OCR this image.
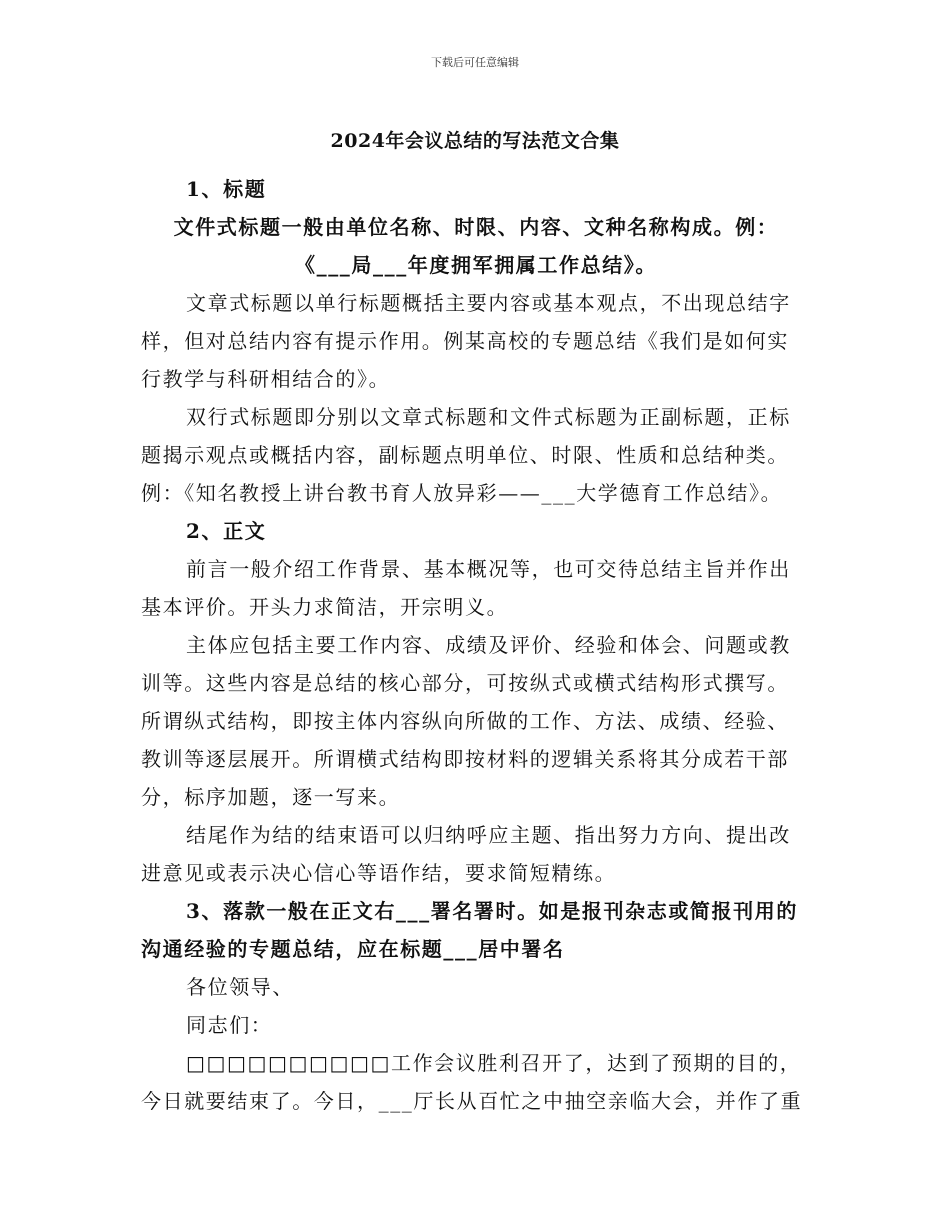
下载后可任意编辑
2024年会议总结的写法范文合集
1、标题
文件式标题一般由单位名称、时限、内容、文种名称构成。例：
《___局___年度拥军拥属工作总结》。
文章式标题以单行标题概括主要内容或基本观点，不出现总结字
样，但对总结内容有提示作用。例某高校的专题总结《我们是如何实
行教学与科研相结合的》。
双行式标题即分别以文章式标题和文件式标题为正副标题，正标
题揭示观点或概括内容，副标题点明单位、时限、性质和总结种类。
例：《知名教授上讲台教书育人放异彩——___大学德育工作总结》。
2、正文
前言一般介绍工作背景、基本概况等，也可交待总结主旨并作出
基本评价。开头力求简洁，开宗明义。
主体应包括主要工作内容、成绩及评价、经验和体会、问题或教
训等。这些内容是总结的核心部分，可按纵式或横式结构形式撰写。
所谓纵式结构，即按主体内容纵向所做的工作、方法、成绩、经验、
教训等逐层展开。所谓横式结构即按材料的逻辑关系将其分成若干部
分，标序加题，逐一写来。
结尾作为结的结束语可以归纳呼应主题、指出努力方向、提出改
进意见或表示决心信心等语作结，要求简短精练。
3、落款一般在正文右___署名署时。如是报刊杂志或简报刊用的
沟通经验的专题总结，应在标题___居中署名
各位领导、
同志们：
□□□□□□□□□□工作会议胜利召开了，达到了预期的目的，
今日就要结束了。今日，___厅长从百忙之中抽空亲临大会，并作了重
